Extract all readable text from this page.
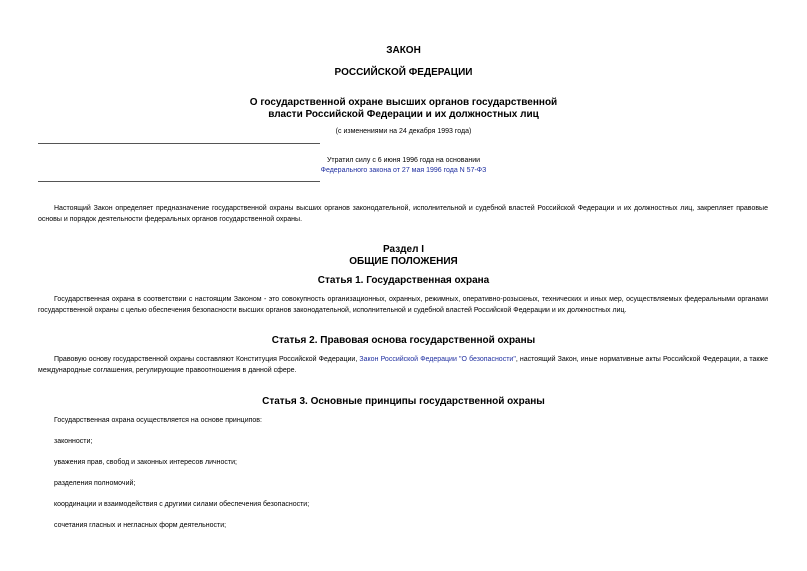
ЗАКОН
РОССИЙСКОЙ ФЕДЕРАЦИИ
О государственной охране высших органов государственной
власти Российской Федерации и их должностных лиц
(с изменениями на 24 декабря 1993 года)
Утратил силу с 6 июня 1996 года на основании
Федерального закона от 27 мая 1996 года N 57-ФЗ
Настоящий Закон определяет предназначение государственной охраны высших органов законодательной, исполнительной и судебной властей Российской Федерации и их должностных лиц, закрепляет правовые основы и порядок деятельности федеральных органов государственной охраны.
Раздел I
ОБЩИЕ ПОЛОЖЕНИЯ
Статья 1. Государственная охрана
Государственная охрана в соответствии с настоящим Законом - это совокупность организационных, охранных, режимных, оперативно-розыскных, технических и иных мер, осуществляемых федеральными органами государственной охраны с целью обеспечения безопасности высших органов законодательной, исполнительной и судебной властей Российской Федерации и их должностных лиц.
Статья 2. Правовая основа государственной охраны
Правовую основу государственной охраны составляют Конституция Российской Федерации, Закон Российской Федерации "О безопасности", настоящий Закон, иные нормативные акты Российской Федерации, а также международные соглашения, регулирующие правоотношения в данной сфере.
Статья 3. Основные принципы государственной охраны
Государственная охрана осуществляется на основе принципов:
законности;
уважения прав, свобод и законных интересов личности;
разделения полномочий;
координации и взаимодействия с другими силами обеспечения безопасности;
сочетания гласных и негласных форм деятельности;
